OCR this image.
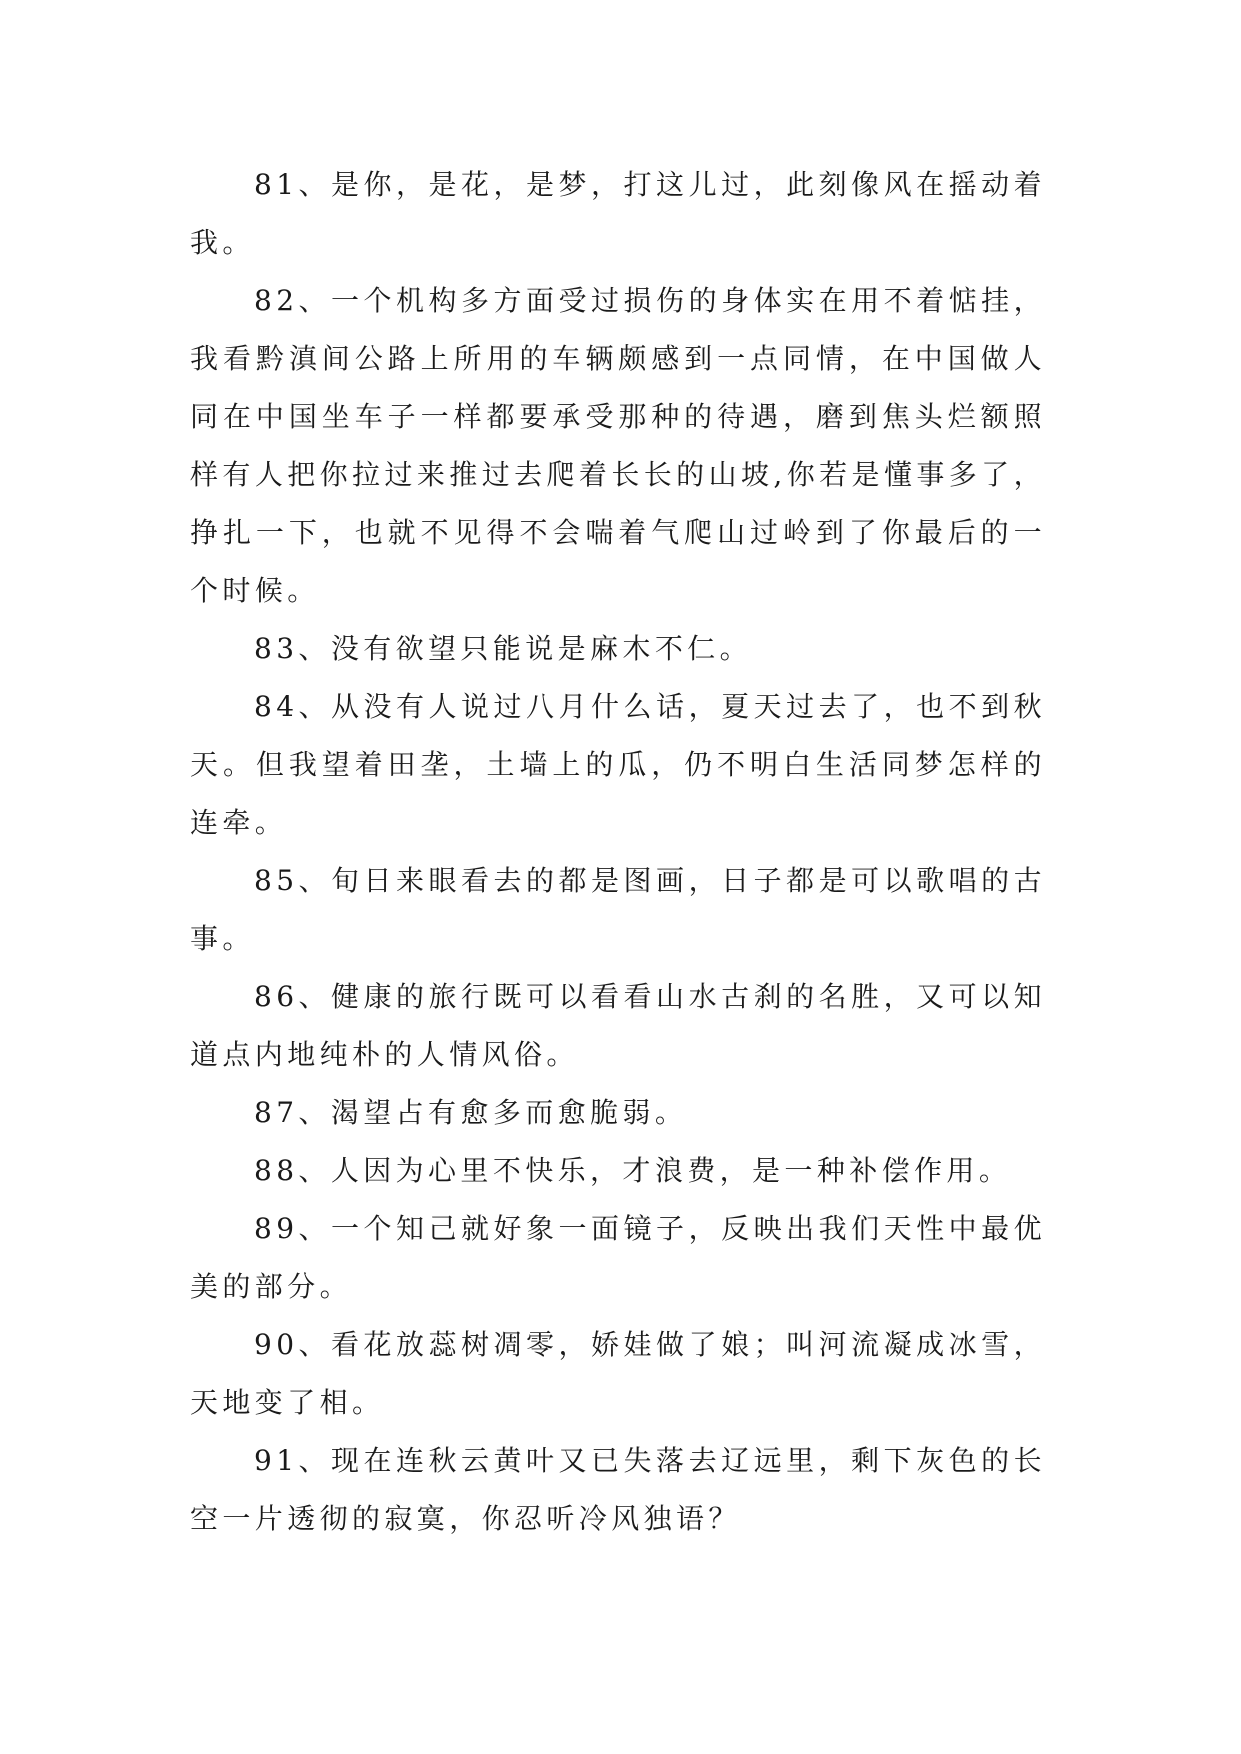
81、是你，是花，是梦，打这儿过，此刻像风在摇动着我。

82、一个机构多方面受过损伤的身体实在用不着惦挂，我看黔滇间公路上所用的车辆颇感到一点同情，在中国做人同在中国坐车子一样都要承受那种的待遇，磨到焦头烂额照样有人把你拉过来推过去爬着长长的山坡,你若是懂事多了，挣扎一下，也就不见得不会喘着气爬山过岭到了你最后的一个时候。

83、没有欲望只能说是麻木不仁。

84、从没有人说过八月什么话，夏天过去了，也不到秋天。但我望着田垄，土墙上的瓜，仍不明白生活同梦怎样的连牵。

85、旬日来眼看去的都是图画，日子都是可以歌唱的古事。

86、健康的旅行既可以看看山水古刹的名胜，又可以知道点内地纯朴的人情风俗。

87、渴望占有愈多而愈脆弱。

88、人因为心里不快乐，才浪费，是一种补偿作用。

89、一个知己就好象一面镜子，反映出我们天性中最优美的部分。

90、看花放蕊树凋零，娇娃做了娘；叫河流凝成冰雪，天地变了相。

91、现在连秋云黄叶又已失落去辽远里，剩下灰色的长空一片透彻的寂寞，你忍听冷风独语？
